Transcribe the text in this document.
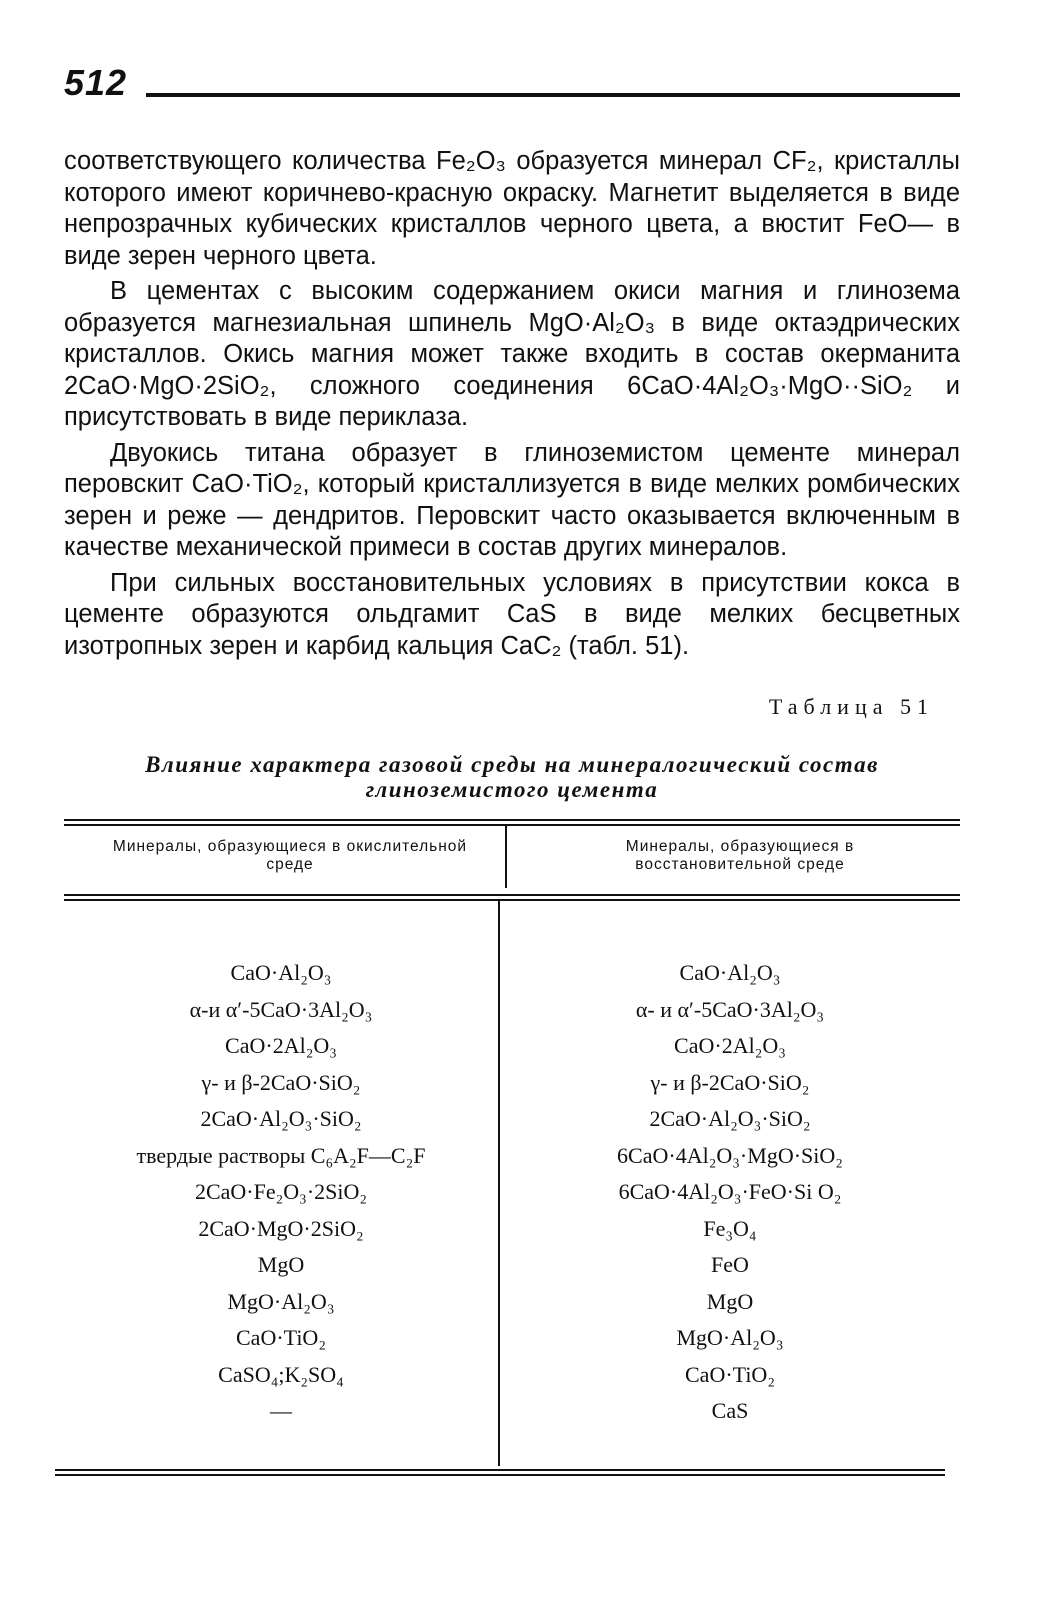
512

соответствующего количества Fe₂O₃ образуется минерал CF₂, кристаллы которого имеют коричнево-красную окраску. Магнетит выделяется в виде непрозрачных кубических кристаллов черного цвета, а вюстит FeO— в виде зерен черного цвета.

В цементах с высоким содержанием окиси магния и глинозема образуется магнезиальная шпинель MgO·Al₂O₃ в виде октаэдрических кристаллов. Окись магния может также входить в состав окерманита 2CaO·MgO·2SiO₂, сложного соединения 6CaO·4Al₂O₃·MgO··SiO₂ и присутствовать в виде периклаза.

Двуокись титана образует в глиноземистом цементе минерал перовскит CaO·TiO₂, который кристаллизуется в виде мелких ромбических зерен и реже — дендритов. Перовскит часто оказывается включенным в качестве механической примеси в состав других минералов.

При сильных восстановительных условиях в присутствии кокса в цементе образуются ольдгамит CaS в виде мелких бесцветных изотропных зерен и карбид кальция CaC₂ (табл. 51).

Таблица 51
Влияние характера газовой среды на минералогический состав глиноземистого цемента
Минералы, образующиеся в окислительной среде
Минералы, образующиеся в восстановительной среде
CaO·Al₂O₃
α-и α′-5CaO·3Al₂O₃
CaO·2Al₂O₃
γ- и β-2CaO·SiO₂
2CaO·Al₂O₃·SiO₂
твердые растворы C₆A₂F—C₂F
2CaO·Fe₂O₃·2SiO₂
2CaO·MgO·2SiO₂
MgO
MgO·Al₂O₃
CaO·TiO₂
CaSO₄;K₂SO₄
—
CaO·Al₂O₃
α- и α′-5CaO·3Al₂O₃
CaO·2Al₂O₃
γ- и β-2CaO·SiO₂
2CaO·Al₂O₃·SiO₂
6CaO·4Al₂O₃·MgO·SiO₂
6CaO·4Al₂O₃·FeO·Si O₂
Fe₃O₄
FeO
MgO
MgO·Al₂O₃
CaO·TiO₂
CaS
